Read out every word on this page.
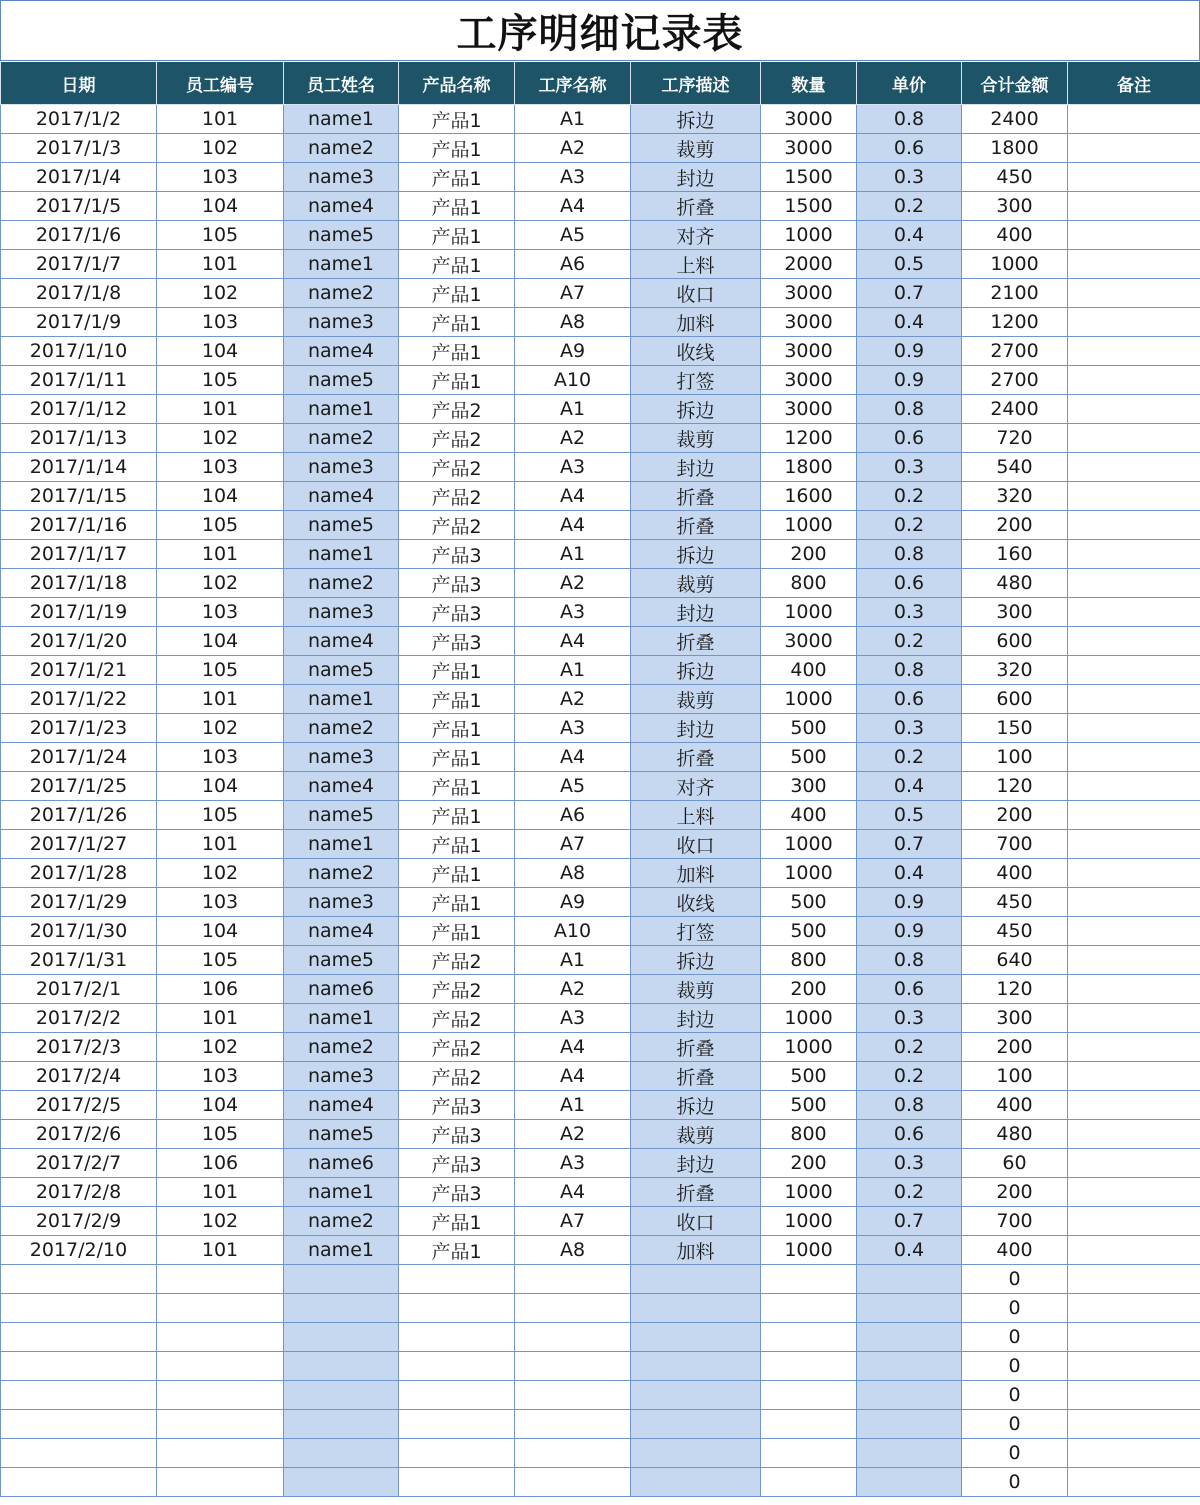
工序明细记录表
日期	员工编号	员工姓名	产品名称	工序名称	工序描述	数量	单价	合计金额	备注
2017/1/2	101	name1	产品1	A1	拆边	3000	0.8	2400	
2017/1/3	102	name2	产品1	A2	裁剪	3000	0.6	1800	
2017/1/4	103	name3	产品1	A3	封边	1500	0.3	450	
2017/1/5	104	name4	产品1	A4	折叠	1500	0.2	300	
2017/1/6	105	name5	产品1	A5	对齐	1000	0.4	400	
2017/1/7	101	name1	产品1	A6	上料	2000	0.5	1000	
2017/1/8	102	name2	产品1	A7	收口	3000	0.7	2100	
2017/1/9	103	name3	产品1	A8	加料	3000	0.4	1200	
2017/1/10	104	name4	产品1	A9	收线	3000	0.9	2700	
2017/1/11	105	name5	产品1	A10	打签	3000	0.9	2700	
2017/1/12	101	name1	产品2	A1	拆边	3000	0.8	2400	
2017/1/13	102	name2	产品2	A2	裁剪	1200	0.6	720	
2017/1/14	103	name3	产品2	A3	封边	1800	0.3	540	
2017/1/15	104	name4	产品2	A4	折叠	1600	0.2	320	
2017/1/16	105	name5	产品2	A4	折叠	1000	0.2	200	
2017/1/17	101	name1	产品3	A1	拆边	200	0.8	160	
2017/1/18	102	name2	产品3	A2	裁剪	800	0.6	480	
2017/1/19	103	name3	产品3	A3	封边	1000	0.3	300	
2017/1/20	104	name4	产品3	A4	折叠	3000	0.2	600	
2017/1/21	105	name5	产品1	A1	拆边	400	0.8	320	
2017/1/22	101	name1	产品1	A2	裁剪	1000	0.6	600	
2017/1/23	102	name2	产品1	A3	封边	500	0.3	150	
2017/1/24	103	name3	产品1	A4	折叠	500	0.2	100	
2017/1/25	104	name4	产品1	A5	对齐	300	0.4	120	
2017/1/26	105	name5	产品1	A6	上料	400	0.5	200	
2017/1/27	101	name1	产品1	A7	收口	1000	0.7	700	
2017/1/28	102	name2	产品1	A8	加料	1000	0.4	400	
2017/1/29	103	name3	产品1	A9	收线	500	0.9	450	
2017/1/30	104	name4	产品1	A10	打签	500	0.9	450	
2017/1/31	105	name5	产品2	A1	拆边	800	0.8	640	
2017/2/1	106	name6	产品2	A2	裁剪	200	0.6	120	
2017/2/2	101	name1	产品2	A3	封边	1000	0.3	300	
2017/2/3	102	name2	产品2	A4	折叠	1000	0.2	200	
2017/2/4	103	name3	产品2	A4	折叠	500	0.2	100	
2017/2/5	104	name4	产品3	A1	拆边	500	0.8	400	
2017/2/6	105	name5	产品3	A2	裁剪	800	0.6	480	
2017/2/7	106	name6	产品3	A3	封边	200	0.3	60	
2017/2/8	101	name1	产品3	A4	折叠	1000	0.2	200	
2017/2/9	102	name2	产品1	A7	收口	1000	0.7	700	
2017/2/10	101	name1	产品1	A8	加料	1000	0.4	400	
								0	
								0	
								0	
								0	
								0	
								0	
								0	
								0	
